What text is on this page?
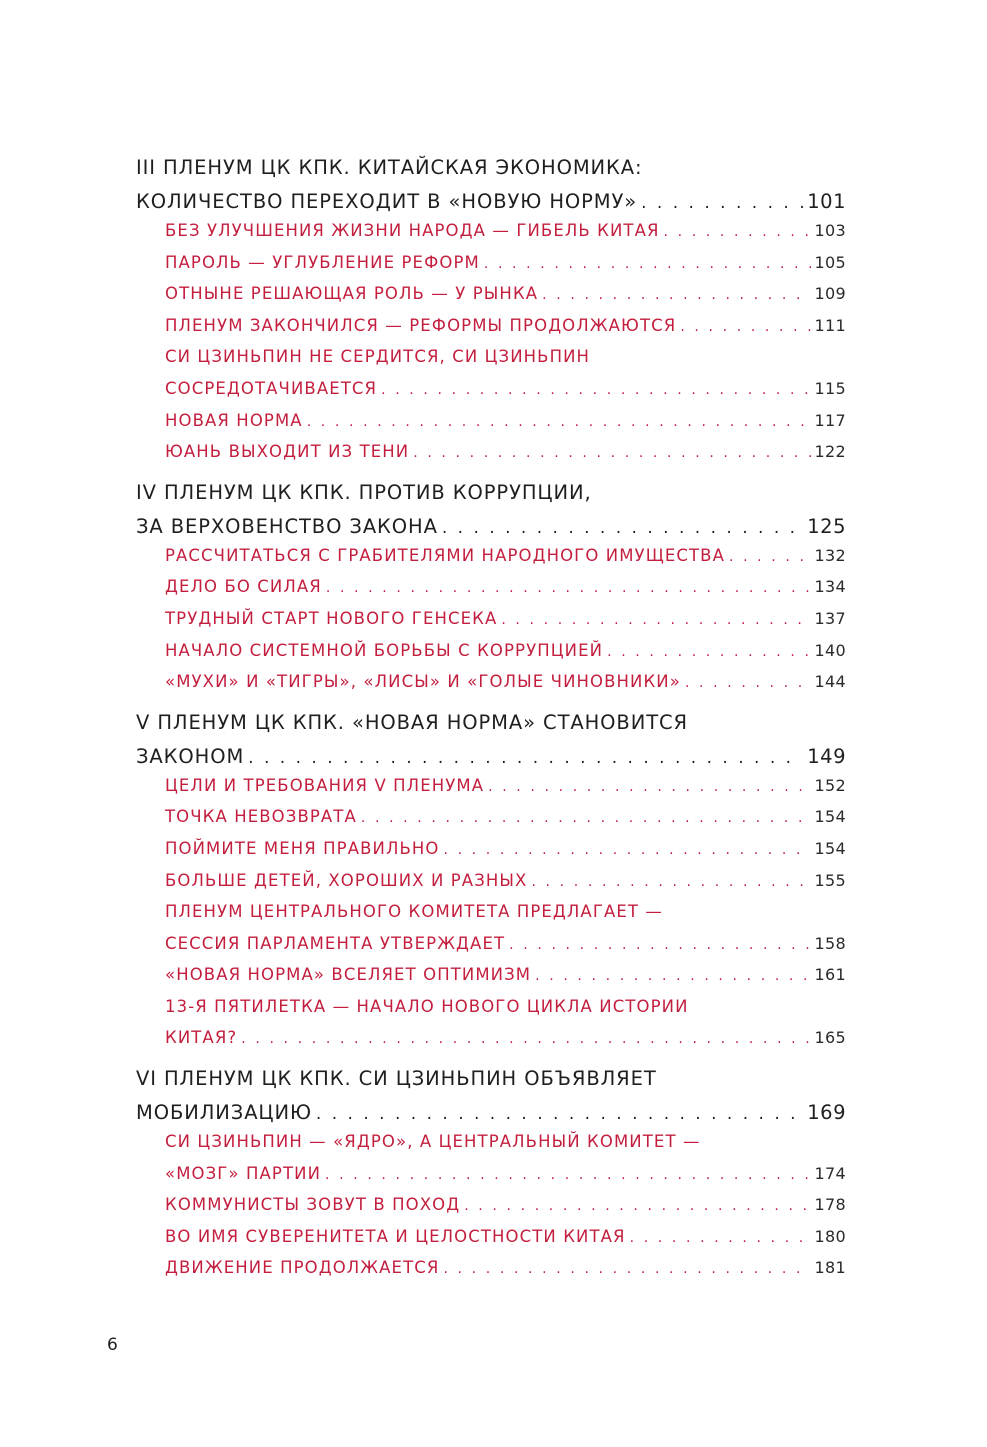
III ПЛЕНУМ ЦК КПК. КИТАЙСКАЯ ЭКОНОМИКА:
КОЛИЧЕСТВО ПЕРЕХОДИТ В «НОВУЮ НОРМУ» . . .	101
БЕЗ УЛУЧШЕНИЯ ЖИЗНИ НАРОДА — ГИБЕЛЬ КИТАЯ . . .	103
ПАРОЛЬ — УГЛУБЛЕНИЕ РЕФОРМ . . .	105
ОТНЫНЕ РЕШАЮЩАЯ РОЛЬ — У РЫНКА . . .	109
ПЛЕНУМ ЗАКОНЧИЛСЯ — РЕФОРМЫ ПРОДОЛЖАЮТСЯ . . .	111
СИ ЦЗИНЬПИН НЕ СЕРДИТСЯ, СИ ЦЗИНЬПИН
СОСРЕДОТАЧИВАЕТСЯ . . .	115
НОВАЯ НОРМА . . .	117
ЮАНЬ ВЫХОДИТ ИЗ ТЕНИ . . .	122
IV ПЛЕНУМ ЦК КПК. ПРОТИВ КОРРУПЦИИ,
ЗА ВЕРХОВЕНСТВО ЗАКОНА . . .	125
РАССЧИТАТЬСЯ С ГРАБИТЕЛЯМИ НАРОДНОГО ИМУЩЕСТВА . . .	132
ДЕЛО БО СИЛАЯ . . .	134
ТРУДНЫЙ СТАРТ НОВОГО ГЕНСЕКА . . .	137
НАЧАЛО СИСТЕМНОЙ БОРЬБЫ С КОРРУПЦИЕЙ . . .	140
«МУХИ» И «ТИГРЫ», «ЛИСЫ» И «ГОЛЫЕ ЧИНОВНИКИ» . . .	144
V ПЛЕНУМ ЦК КПК. «НОВАЯ НОРМА» СТАНОВИТСЯ
ЗАКОНОМ . . .	149
ЦЕЛИ И ТРЕБОВАНИЯ V ПЛЕНУМА . . .	152
ТОЧКА НЕВОЗВРАТА . . .	154
ПОЙМИТЕ МЕНЯ ПРАВИЛЬНО . . .	154
БОЛЬШЕ ДЕТЕЙ, ХОРОШИХ И РАЗНЫХ . . .	155
ПЛЕНУМ ЦЕНТРАЛЬНОГО КОМИТЕТА ПРЕДЛАГАЕТ —
СЕССИЯ ПАРЛАМЕНТА УТВЕРЖДАЕТ . . .	158
«НОВАЯ НОРМА» ВСЕЛЯЕТ ОПТИМИЗМ . . .	161
13-Я ПЯТИЛЕТКА — НАЧАЛО НОВОГО ЦИКЛА ИСТОРИИ
КИТАЯ? . . .	165
VI ПЛЕНУМ ЦК КПК. СИ ЦЗИНЬПИН ОБЪЯВЛЯЕТ
МОБИЛИЗАЦИЮ . . .	169
СИ ЦЗИНЬПИН — «ЯДРО», А ЦЕНТРАЛЬНЫЙ КОМИТЕТ —
«МОЗГ» ПАРТИИ . . .	174
КОММУНИСТЫ ЗОВУТ В ПОХОД . . .	178
ВО ИМЯ СУВЕРЕНИТЕТА И ЦЕЛОСТНОСТИ КИТАЯ . . .	180
ДВИЖЕНИЕ ПРОДОЛЖАЕТСЯ . . .	181
6
